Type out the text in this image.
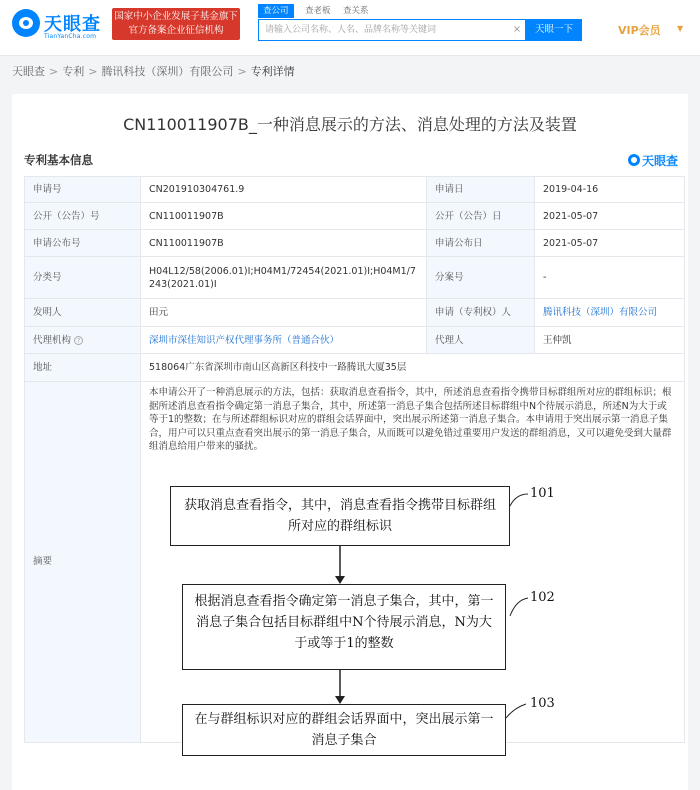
天眼查
TianYanCha.com
国家中小企业发展子基金旗下
官方备案企业征信机构
查公司	查老板	查关系
请输入公司名称、人名、品牌名称等关键词
×	天眼一下	VIP会员 ▼
天眼查 > 专利 > 腾讯科技（深圳）有限公司 > 专利详情
CN110011907B_一种消息展示的方法、消息处理的方法及装置
专利基本信息	天眼查
申请号	CN201910304761.9	申请日	2019-04-16
公开（公告）号	CN110011907B	公开（公告）日	2021-05-07
申请公布号	CN110011907B	申请公布日	2021-05-07
分类号	H04L12/58(2006.01)I;H04M1/72454(2021.01)I;H04M1/7243(2021.01)I	分案号	-
发明人	田元	申请（专利权）人	腾讯科技（深圳）有限公司
代理机构 ?	深圳市深佳知识产权代理事务所（普通合伙）	代理人	王仲凯
地址	518064广东省深圳市南山区高新区科技中一路腾讯大厦35层		
摘要	本申请公开了一种消息展示的方法，包括：获取消息查看指令，其中，所述消息查看指令携带目标群组所对应的群组标识；根据所述消息查看指令确定第一消息子集合，其中，所述第一消息子集合包括所述目标群组中N个待展示消息，所述N为大于或等于1的整数；在与所述群组标识对应的群组会话界面中，突出展示所述第一消息子集合。本申请用于突出展示第一消息子集合，用户可以只重点查看突出展示的第一消息子集合，从而既可以避免错过重要用户发送的群组消息，又可以避免受到大量群组消息给用户带来的骚扰。		
获取消息查看指令，其中，消息查看指令携带目标群组所对应的群组标识
根据消息查看指令确定第一消息子集合，其中，第一消息子集合包括目标群组中N个待展示消息，N为大于或等于1的整数
在与群组标识对应的群组会话界面中，突出展示第一消息子集合
101
102
103
